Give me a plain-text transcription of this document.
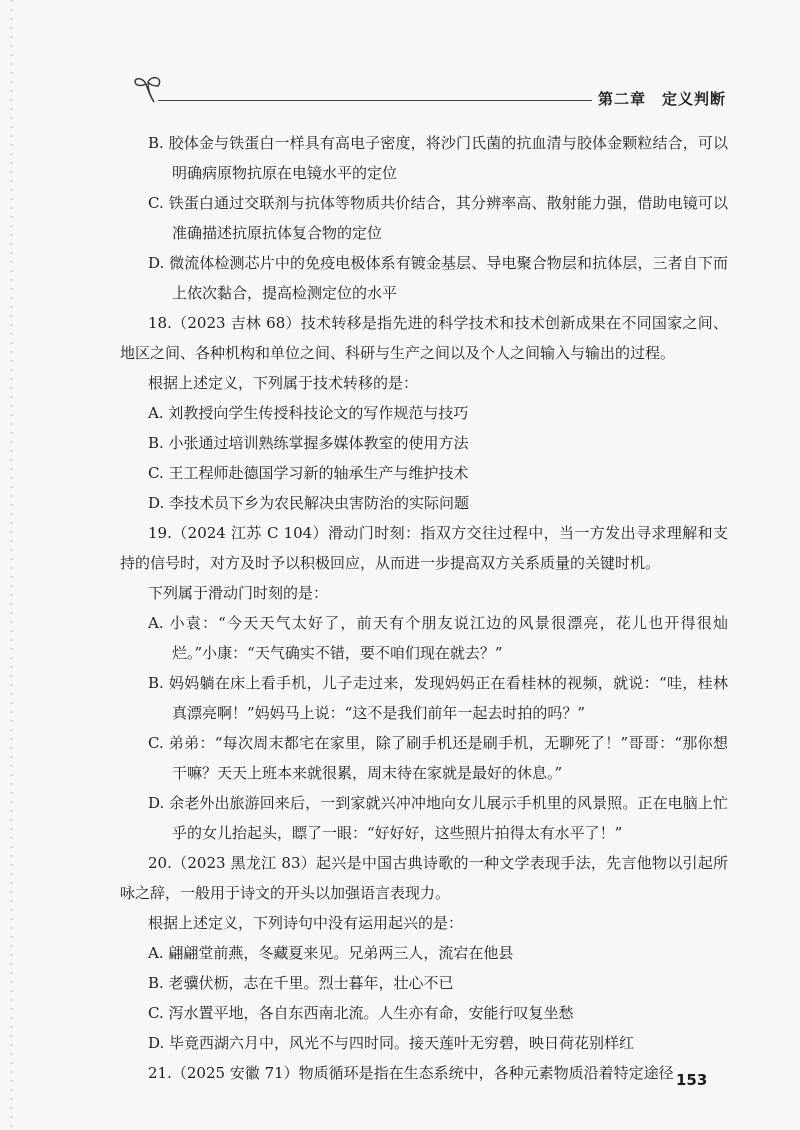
第二章　定义判断

B. 胶体金与铁蛋白一样具有高电子密度，将沙门氏菌的抗血清与胶体金颗粒结合，可以明确病原物抗原在电镜水平的定位

C. 铁蛋白通过交联剂与抗体等物质共价结合，其分辨率高、散射能力强，借助电镜可以准确描述抗原抗体复合物的定位

D. 微流体检测芯片中的免疫电极体系有镀金基层、导电聚合物层和抗体层，三者自下而上依次黏合，提高检测定位的水平

18.（2023 吉林 68）技术转移是指先进的科学技术和技术创新成果在不同国家之间、地区之间、各种机构和单位之间、科研与生产之间以及个人之间输入与输出的过程。

根据上述定义，下列属于技术转移的是：

A. 刘教授向学生传授科技论文的写作规范与技巧

B. 小张通过培训熟练掌握多媒体教室的使用方法

C. 王工程师赴德国学习新的轴承生产与维护技术

D. 李技术员下乡为农民解决虫害防治的实际问题

19.（2024 江苏 C 104）滑动门时刻：指双方交往过程中，当一方发出寻求理解和支持的信号时，对方及时予以积极回应，从而进一步提高双方关系质量的关键时机。

下列属于滑动门时刻的是：

A. 小袁：“今天天气太好了，前天有个朋友说江边的风景很漂亮，花儿也开得很灿烂。”小康：“天气确实不错，要不咱们现在就去？”

B. 妈妈躺在床上看手机，儿子走过来，发现妈妈正在看桂林的视频，就说：“哇，桂林真漂亮啊！”妈妈马上说：“这不是我们前年一起去时拍的吗？”

C. 弟弟：“每次周末都宅在家里，除了刷手机还是刷手机，无聊死了！”哥哥：“那你想干嘛？天天上班本来就很累，周末待在家就是最好的休息。”

D. 余老外出旅游回来后，一到家就兴冲冲地向女儿展示手机里的风景照。正在电脑上忙乎的女儿抬起头，瞟了一眼：“好好好，这些照片拍得太有水平了！”

20.（2023 黑龙江 83）起兴是中国古典诗歌的一种文学表现手法，先言他物以引起所咏之辞，一般用于诗文的开头以加强语言表现力。

根据上述定义，下列诗句中没有运用起兴的是：

A. 翩翩堂前燕，冬藏夏来见。兄弟两三人，流宕在他县

B. 老骥伏枥，志在千里。烈士暮年，壮心不已

C. 泻水置平地，各自东西南北流。人生亦有命，安能行叹复坐愁

D. 毕竟西湖六月中，风光不与四时同。接天莲叶无穷碧，映日荷花别样红

21.（2025 安徽 71）物质循环是指在生态系统中，各种元素物质沿着特定途径 153
